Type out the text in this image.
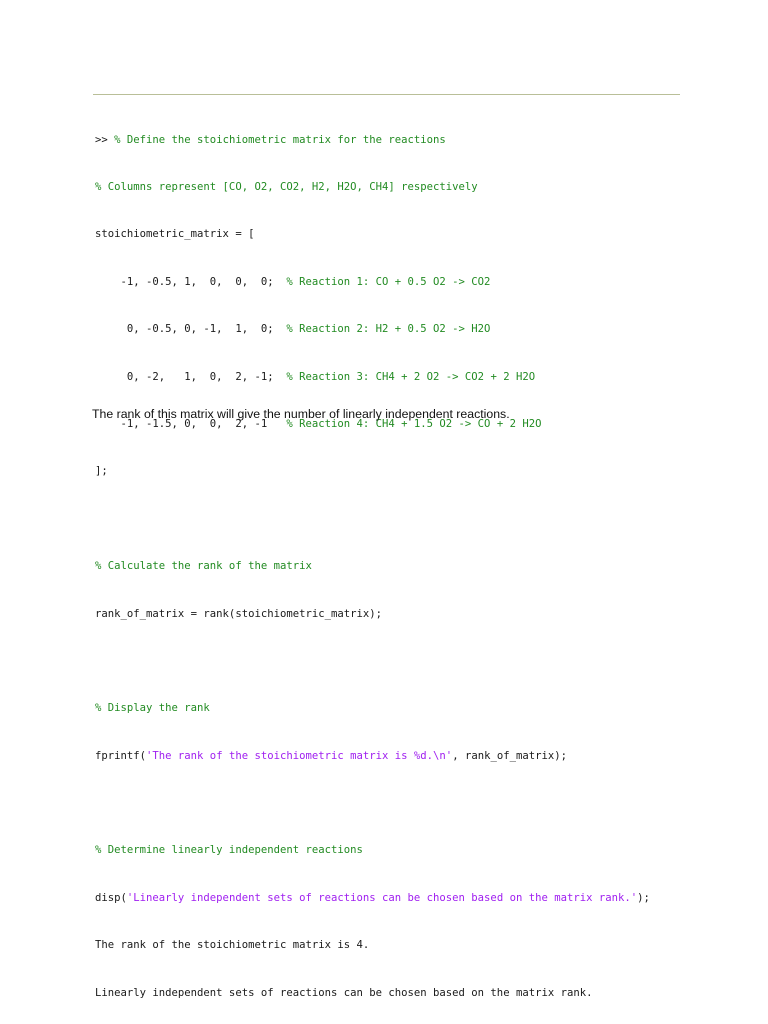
>> % Define the stoichiometric matrix for the reactions

% Columns represent [CO, O2, CO2, H2, H2O, CH4] respectively

stoichiometric_matrix = [

-1, -0.5, 1,  0,  0,  0;  % Reaction 1: CO + 0.5 O2 -> CO2

0, -0.5, 0, -1,  1,  0;  % Reaction 2: H2 + 0.5 O2 -> H2O

0, -2,   1,  0,  2, -1;  % Reaction 3: CH4 + 2 O2 -> CO2 + 2 H2O

-1, -1.5, 0,  0,  2, -1   % Reaction 4: CH4 + 1.5 O2 -> CO + 2 H2O

];

% Calculate the rank of the matrix

rank_of_matrix = rank(stoichiometric_matrix);

% Display the rank

fprintf('The rank of the stoichiometric matrix is %d.\n', rank_of_matrix);

% Determine linearly independent reactions

disp('Linearly independent sets of reactions can be chosen based on the matrix rank.');

The rank of the stoichiometric matrix is 4.

Linearly independent sets of reactions can be chosen based on the matrix rank.

The rank of this matrix will give the number of linearly independent reactions.
